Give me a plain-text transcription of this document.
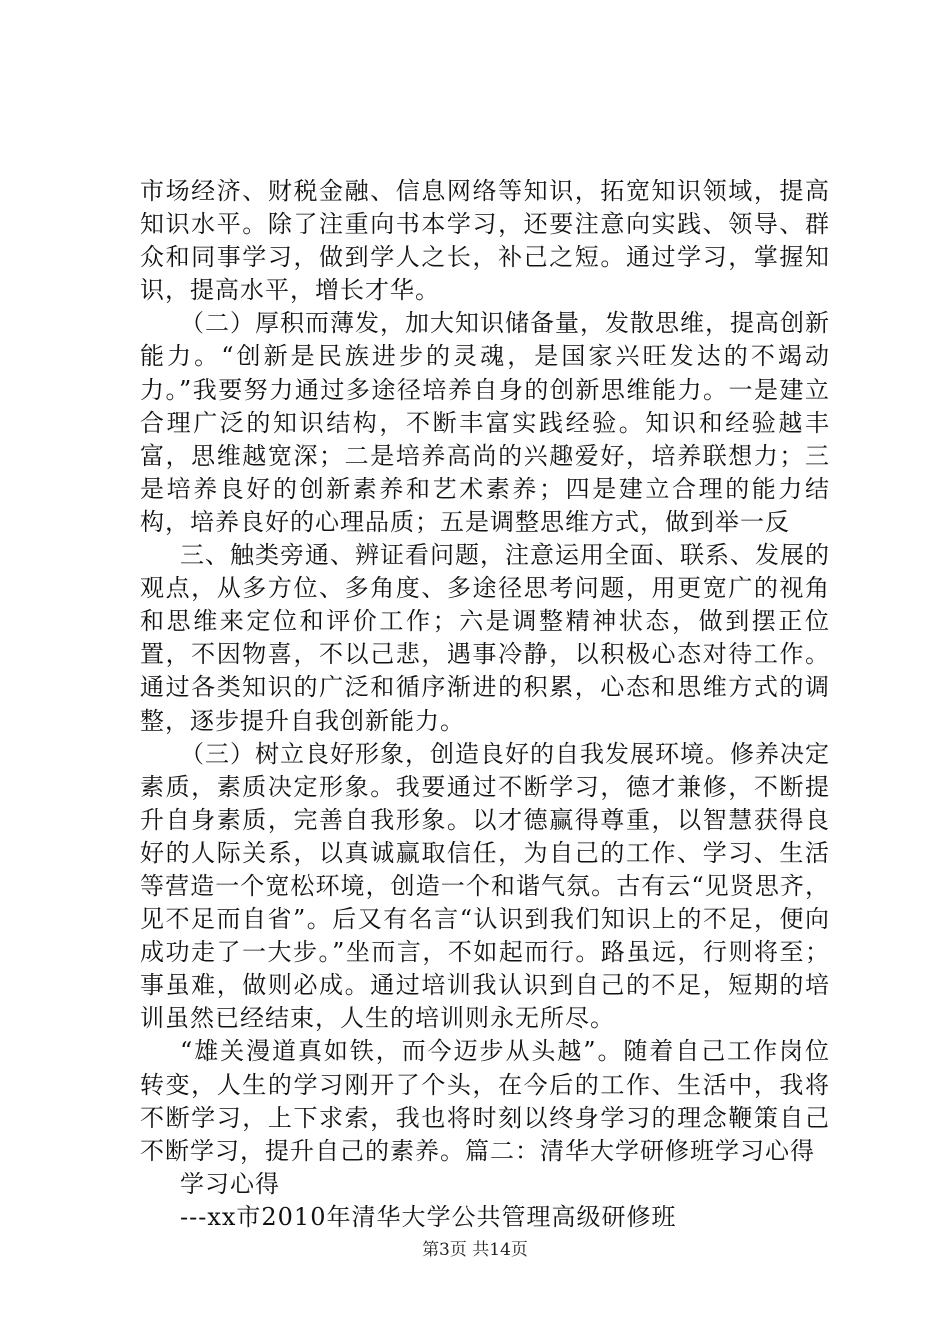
市场经济、财税金融、信息网络等知识，拓宽知识领域，提高知识水平。除了注重向书本学习，还要注意向实践、领导、群众和同事学习，做到学人之长，补己之短。通过学习，掌握知识，提高水平，增长才华。

（二）厚积而薄发，加大知识储备量，发散思维，提高创新能力。“创新是民族进步的灵魂，是国家兴旺发达的不竭动力。”我要努力通过多途径培养自身的创新思维能力。一是建立合理广泛的知识结构，不断丰富实践经验。知识和经验越丰富，思维越宽深；二是培养高尚的兴趣爱好，培养联想力；三是培养良好的创新素养和艺术素养；四是建立合理的能力结构，培养良好的心理品质；五是调整思维方式，做到举一反

三、触类旁通、辨证看问题，注意运用全面、联系、发展的观点，从多方位、多角度、多途径思考问题，用更宽广的视角和思维来定位和评价工作；六是调整精神状态，做到摆正位置，不因物喜，不以己悲，遇事冷静，以积极心态对待工作。通过各类知识的广泛和循序渐进的积累，心态和思维方式的调整，逐步提升自我创新能力。

（三）树立良好形象，创造良好的自我发展环境。修养决定素质，素质决定形象。我要通过不断学习，德才兼修，不断提升自身素质，完善自我形象。以才德赢得尊重，以智慧获得良好的人际关系，以真诚赢取信任，为自己的工作、学习、生活等营造一个宽松环境，创造一个和谐气氛。古有云“见贤思齐，见不足而自省”。后又有名言“认识到我们知识上的不足，便向成功走了一大步。”坐而言，不如起而行。路虽远，行则将至；事虽难，做则必成。通过培训我认识到自己的不足，短期的培训虽然已经结束，人生的培训则永无所尽。

“雄关漫道真如铁，而今迈步从头越”。随着自己工作岗位转变，人生的学习刚开了个头，在今后的工作、生活中，我将不断学习，上下求索，我也将时刻以终身学习的理念鞭策自己不断学习，提升自己的素养。篇二：清华大学研修班学习心得

学习心得

---xx市2010年清华大学公共管理高级研修班

第3页 共14页
